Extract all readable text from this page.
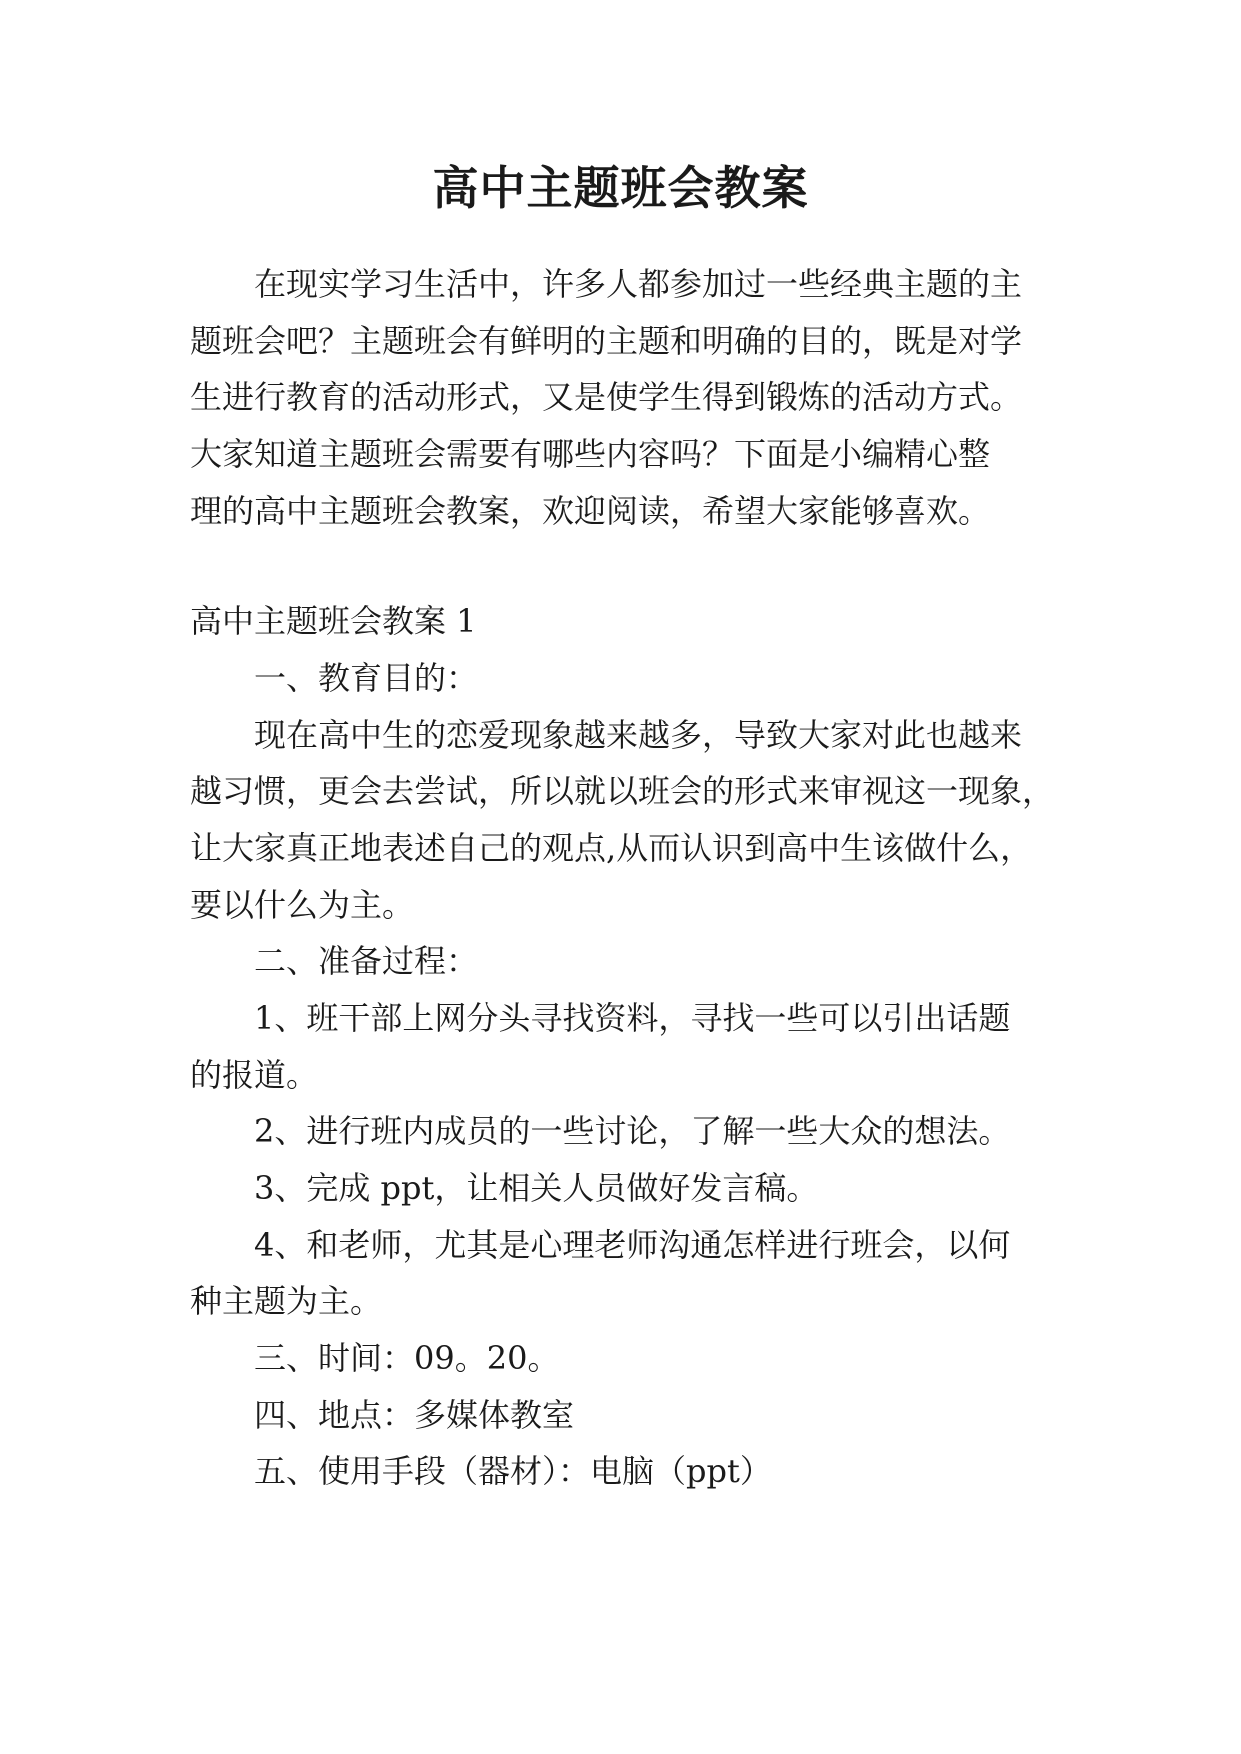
高中主题班会教案

在现实学习生活中，许多人都参加过一些经典主题的主

题班会吧？主题班会有鲜明的主题和明确的目的，既是对学

生进行教育的活动形式，又是使学生得到锻炼的活动方式。

大家知道主题班会需要有哪些内容吗？下面是小编精心整

理的高中主题班会教案，欢迎阅读，希望大家能够喜欢。

高中主题班会教案 1

一、教育目的：

现在高中生的恋爱现象越来越多，导致大家对此也越来

越习惯，更会去尝试，所以就以班会的形式来审视这一现象，

让大家真正地表述自己的观点,从而认识到高中生该做什么，

要以什么为主。

二、准备过程：

1、班干部上网分头寻找资料，寻找一些可以引出话题

的报道。

2、进行班内成员的一些讨论，了解一些大众的想法。

3、完成 ppt，让相关人员做好发言稿。

4、和老师，尤其是心理老师沟通怎样进行班会，以何

种主题为主。

三、时间：09。20。

四、地点：多媒体教室

五、使用手段（器材）：电脑（ppt）
